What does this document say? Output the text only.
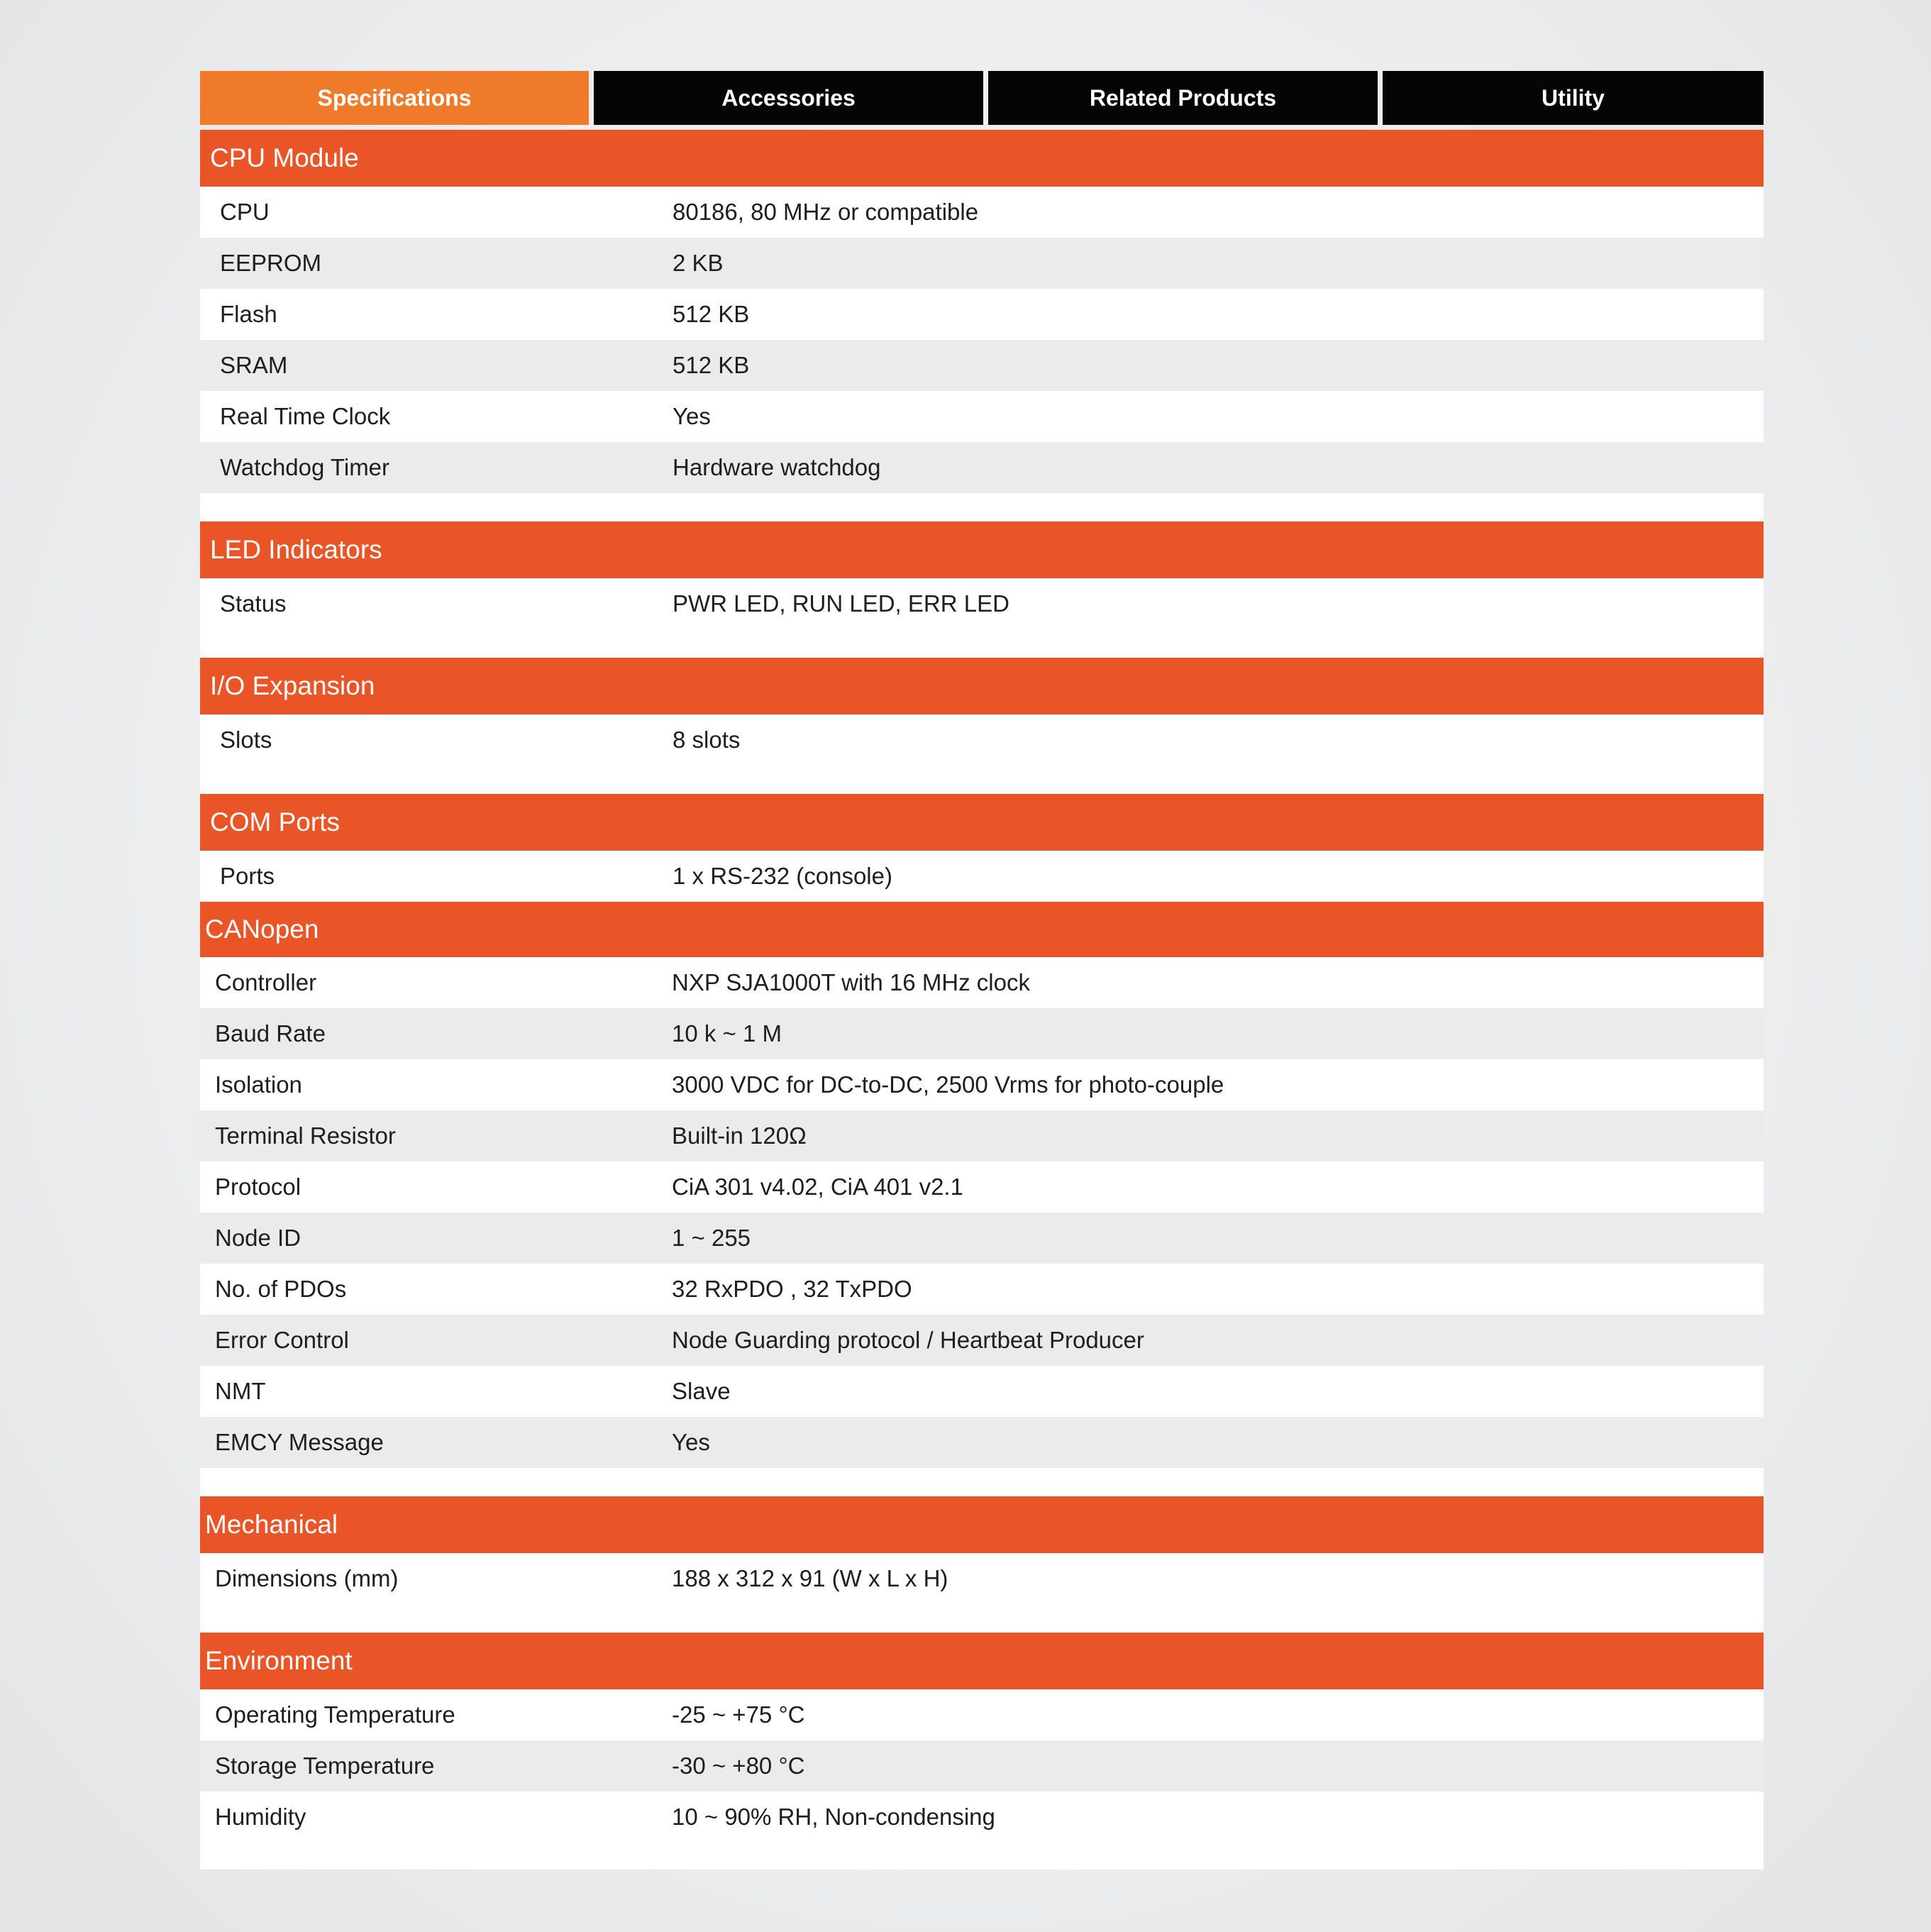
Specifications	Accessories	Related Products	Utility
CPU Module
CPU	80186, 80 MHz or compatible
EEPROM	2 KB
Flash	512 KB
SRAM	512 KB
Real Time Clock	Yes
Watchdog Timer	Hardware watchdog
LED Indicators
Status	PWR LED, RUN LED, ERR LED
I/O Expansion
Slots	8 slots
COM Ports
Ports	1 x RS-232 (console)
CANopen
Controller	NXP SJA1000T with 16 MHz clock
Baud Rate	10 k ~ 1 M
Isolation	3000 VDC for DC-to-DC, 2500 Vrms for photo-couple
Terminal Resistor	Built-in 120Ω
Protocol	CiA 301 v4.02, CiA 401 v2.1
Node ID	1 ~ 255
No. of PDOs	32 RxPDO , 32 TxPDO
Error Control	Node Guarding protocol / Heartbeat Producer
NMT	Slave
EMCY Message	Yes
Mechanical
Dimensions (mm)	188 x 312 x 91 (W x L x H)
Environment
Operating Temperature	-25 ~ +75 °C
Storage Temperature	-30 ~ +80 °C
Humidity	10 ~ 90% RH, Non-condensing
